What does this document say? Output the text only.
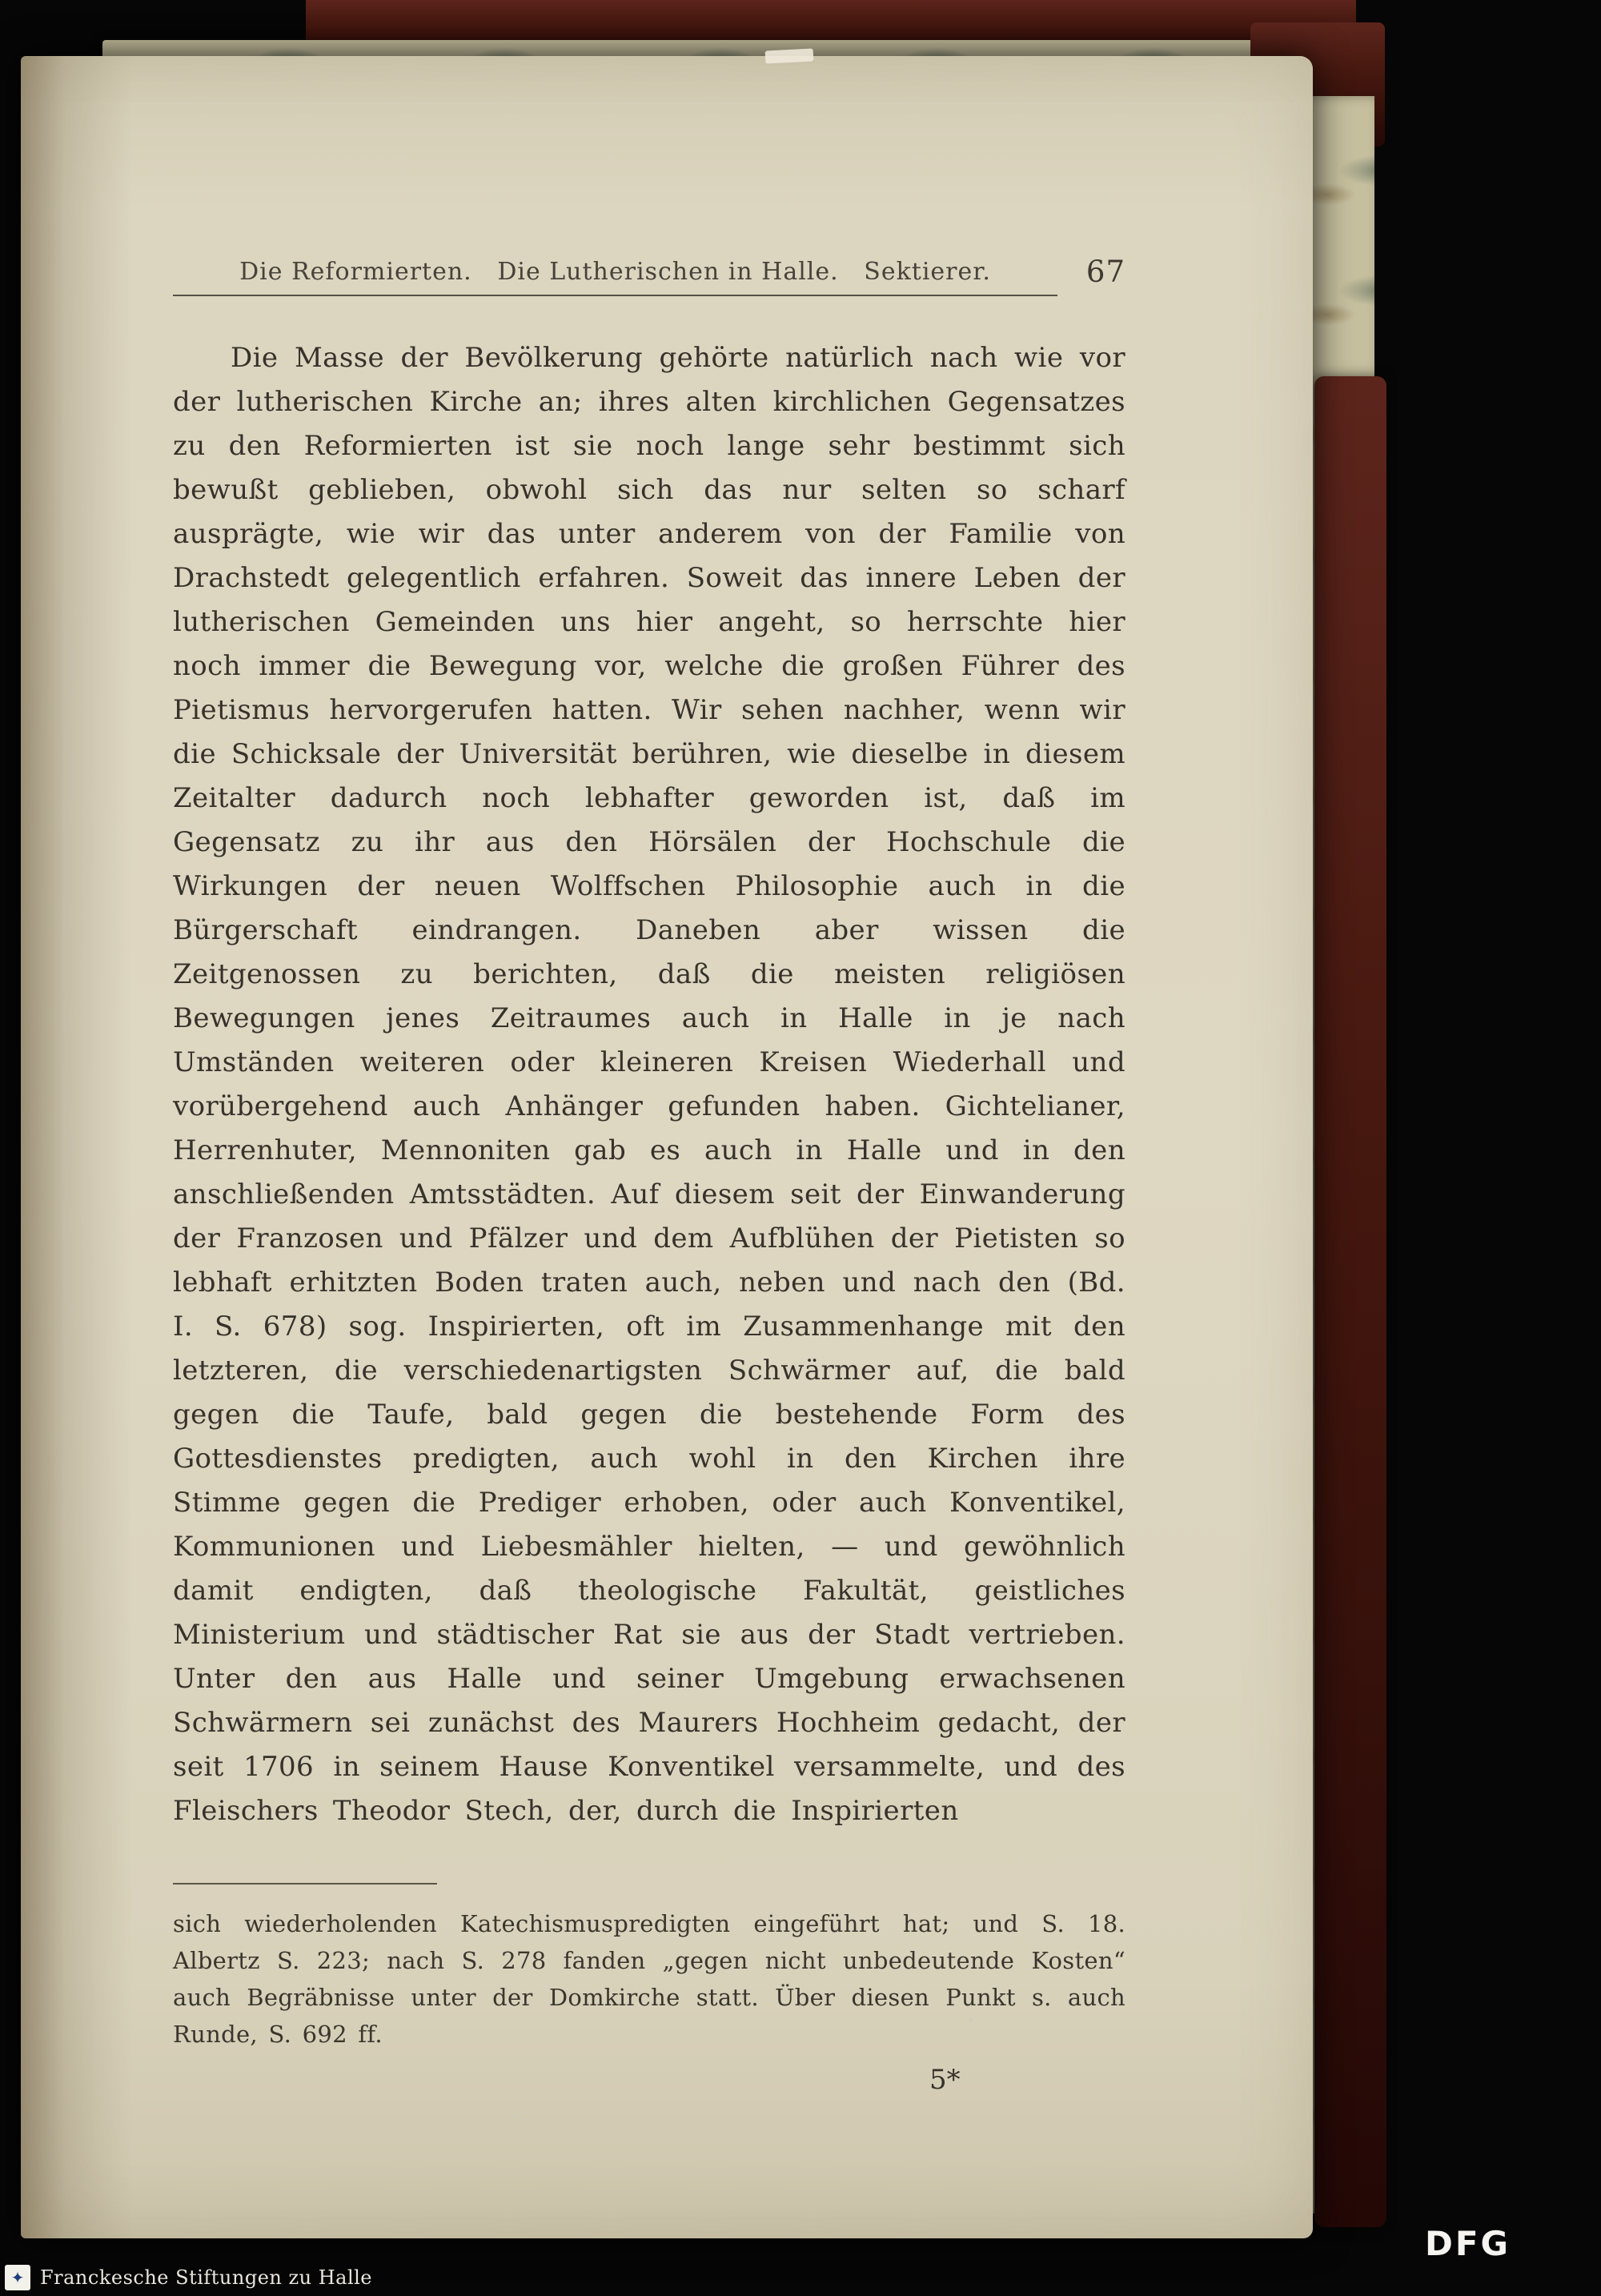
Die Reformierten.   Die Lutherischen in Halle.   Sektierer.	67
Die Masse der Bevölkerung gehörte natürlich nach wie vor der lutherischen Kirche an; ihres alten kirchlichen Gegensatzes zu den Reformierten ist sie noch lange sehr bestimmt sich bewußt geblieben, obwohl sich das nur selten so scharf ausprägte, wie wir das unter anderem von der Familie von Drachstedt gelegentlich erfahren. Soweit das innere Leben der lutherischen Gemeinden uns hier angeht, so herrschte hier noch immer die Bewegung vor, welche die großen Führer des Pietismus hervorgerufen hatten. Wir sehen nachher, wenn wir die Schicksale der Universität berühren, wie dieselbe in diesem Zeitalter dadurch noch lebhafter geworden ist, daß im Gegensatz zu ihr aus den Hörsälen der Hochschule die Wirkungen der neuen Wolffschen Philosophie auch in die Bürgerschaft eindrangen. Daneben aber wissen die Zeitgenossen zu berichten, daß die meisten religiösen Bewegungen jenes Zeitraumes auch in Halle in je nach Umständen weiteren oder kleineren Kreisen Wiederhall und vorübergehend auch Anhänger gefunden haben. Gichtelianer, Herrenhuter, Mennoniten gab es auch in Halle und in den anschließenden Amtsstädten. Auf diesem seit der Einwanderung der Franzosen und Pfälzer und dem Aufblühen der Pietisten so lebhaft erhitzten Boden traten auch, neben und nach den (Bd. I. S. 678) sog. Inspirierten, oft im Zusammenhange mit den letzteren, die verschiedenartigsten Schwärmer auf, die bald gegen die Taufe, bald gegen die bestehende Form des Gottesdienstes predigten, auch wohl in den Kirchen ihre Stimme gegen die Prediger erhoben, oder auch Konventikel, Kommunionen und Liebesmähler hielten, — und gewöhnlich damit endigten, daß theologische Fakultät, geistliches Ministerium und städtischer Rat sie aus der Stadt vertrieben. Unter den aus Halle und seiner Umgebung erwachsenen Schwärmern sei zunächst des Maurers Hochheim gedacht, der seit 1706 in seinem Hause Konventikel versammelte, und des Fleischers Theodor Stech, der, durch die Inspirierten
sich wiederholenden Katechismuspredigten eingeführt hat; und S. 18. Albertz S. 223; nach S. 278 fanden „gegen nicht unbedeutende Kosten“ auch Begräbnisse unter der Domkirche statt. Über diesen Punkt s. auch Runde, S. 692 ff.
5*
✦ Franckesche Stiftungen zu Halle
DFG
